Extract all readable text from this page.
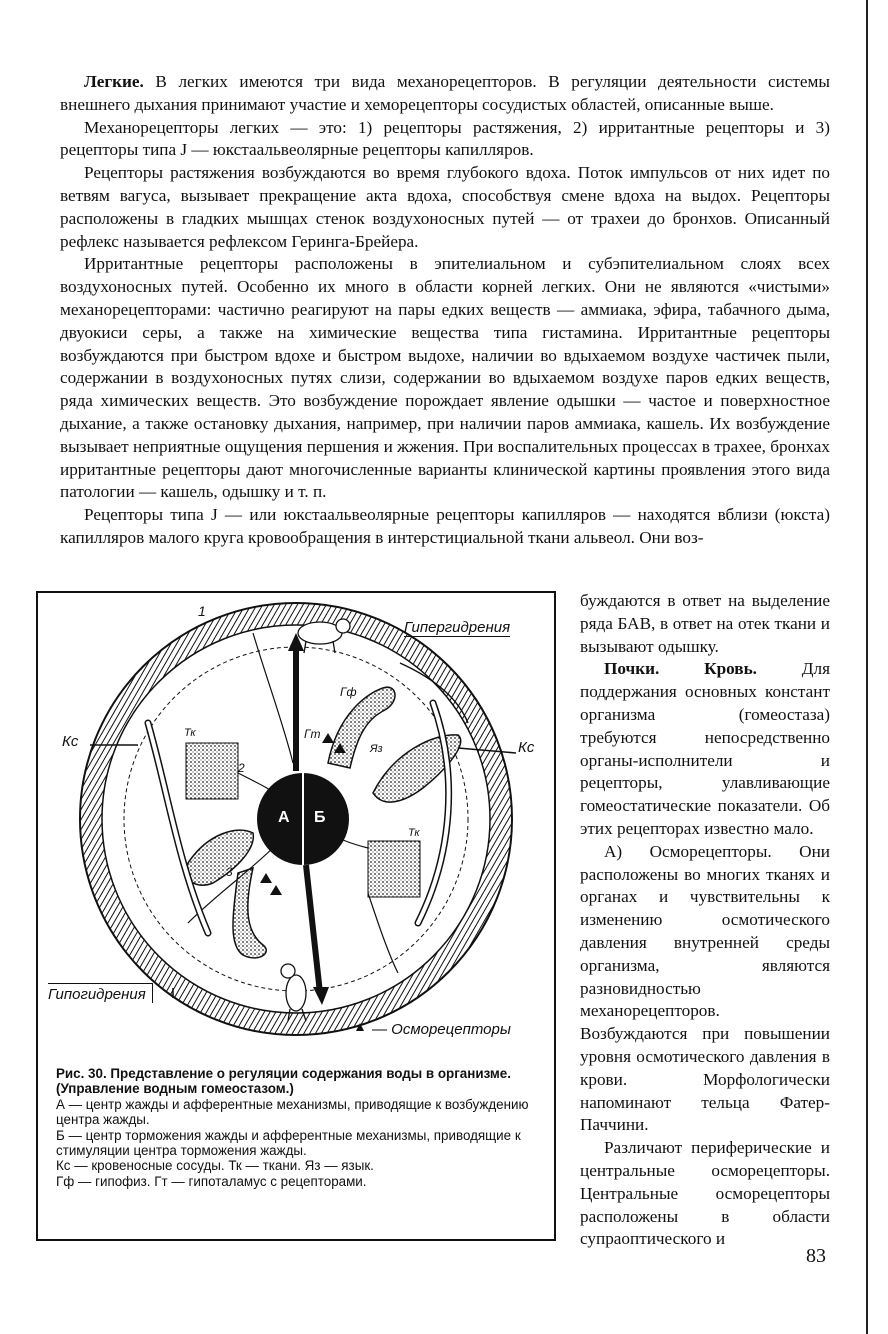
Легкие. В легких имеются три вида механорецепторов. В регуляции деятельности системы внешнего дыхания принимают участие и хеморецепторы сосудистых областей, описанные выше.

Механорецепторы легких — это: 1) рецепторы растяжения, 2) ирритантные рецепторы и 3) рецепторы типа J — юкстаальвеолярные рецепторы капилляров.

Рецепторы растяжения возбуждаются во время глубокого вдоха. Поток импульсов от них идет по ветвям вагуса, вызывает прекращение акта вдоха, способствуя смене вдоха на выдох. Рецепторы расположены в гладких мышцах стенок воздухоносных путей — от трахеи до бронхов. Описанный рефлекс называется рефлексом Геринга-Брейера.

Ирритантные рецепторы расположены в эпителиальном и субэпителиальном слоях всех воздухоносных путей. Особенно их много в области корней легких. Они не являются «чистыми» механорецепторами: частично реагируют на пары едких веществ — аммиака, эфира, табачного дыма, двуокиси серы, а также на химические вещества типа гистамина. Ирритантные рецепторы возбуждаются при быстром вдохе и быстром выдохе, наличии во вдыхаемом воздухе частичек пыли, содержании в воздухоносных путях слизи, содержании во вдыхаемом воздухе паров едких веществ, ряда химических веществ. Это возбуждение порождает явление одышки — частое и поверхностное дыхание, а также остановку дыхания, например, при наличии паров аммиака, кашель. Их возбуждение вызывает неприятные ощущения першения и жжения. При воспалительных процессах в трахее, бронхах ирритантные рецепторы дают многочисленные варианты клинической картины проявления этого вида патологии — кашель, одышку и т. п.

Рецепторы типа J — или юкстаальвеолярные рецепторы капилляров — находятся вблизи (юкста) капилляров малого круга кровообращения в интерстициальной ткани альвеол. Они воз-

буждаются в ответ на выделение ряда БАВ, в ответ на отек ткани и вызывают одышку.

Почки. Кровь. Для поддержания основных констант организма (гомеостаза) требуются непосредственно органы-исполнители и рецепторы, улавливающие гомеостатические показатели. Об этих рецепторах известно мало.

А) Осморецепторы. Они расположены во многих тканях и органах и чувствительны к изменению осмотического давления внутренней среды организма, являются разновидностью механорецепторов. Возбуждаются при повышении уровня осмотического давления в крови. Морфологически напоминают тельца Фатер-Паччини.

Различают периферические и центральные осморецепторы. Центральные осморецепторы расположены в области супраоптического и

1
2
3
Гипергидрения
Гипогидрения
Кс	Кс
Гф
Гт
Тк
Тк
Яз
А Б
— Осморецепторы

Рис. 30. Представление о регуляции содержания воды в организме. (Управление водным гомеостазом.)

А — центр жажды и афферентные механизмы, приводящие к возбуждению центра жажды.

Б — центр торможения жажды и афферентные механизмы, приводящие к стимуляции центра торможения жажды.

Кс — кровеносные сосуды. Тк — ткани. Яз — язык.

Гф — гипофиз. Гт — гипоталамус с рецепторами.

83
